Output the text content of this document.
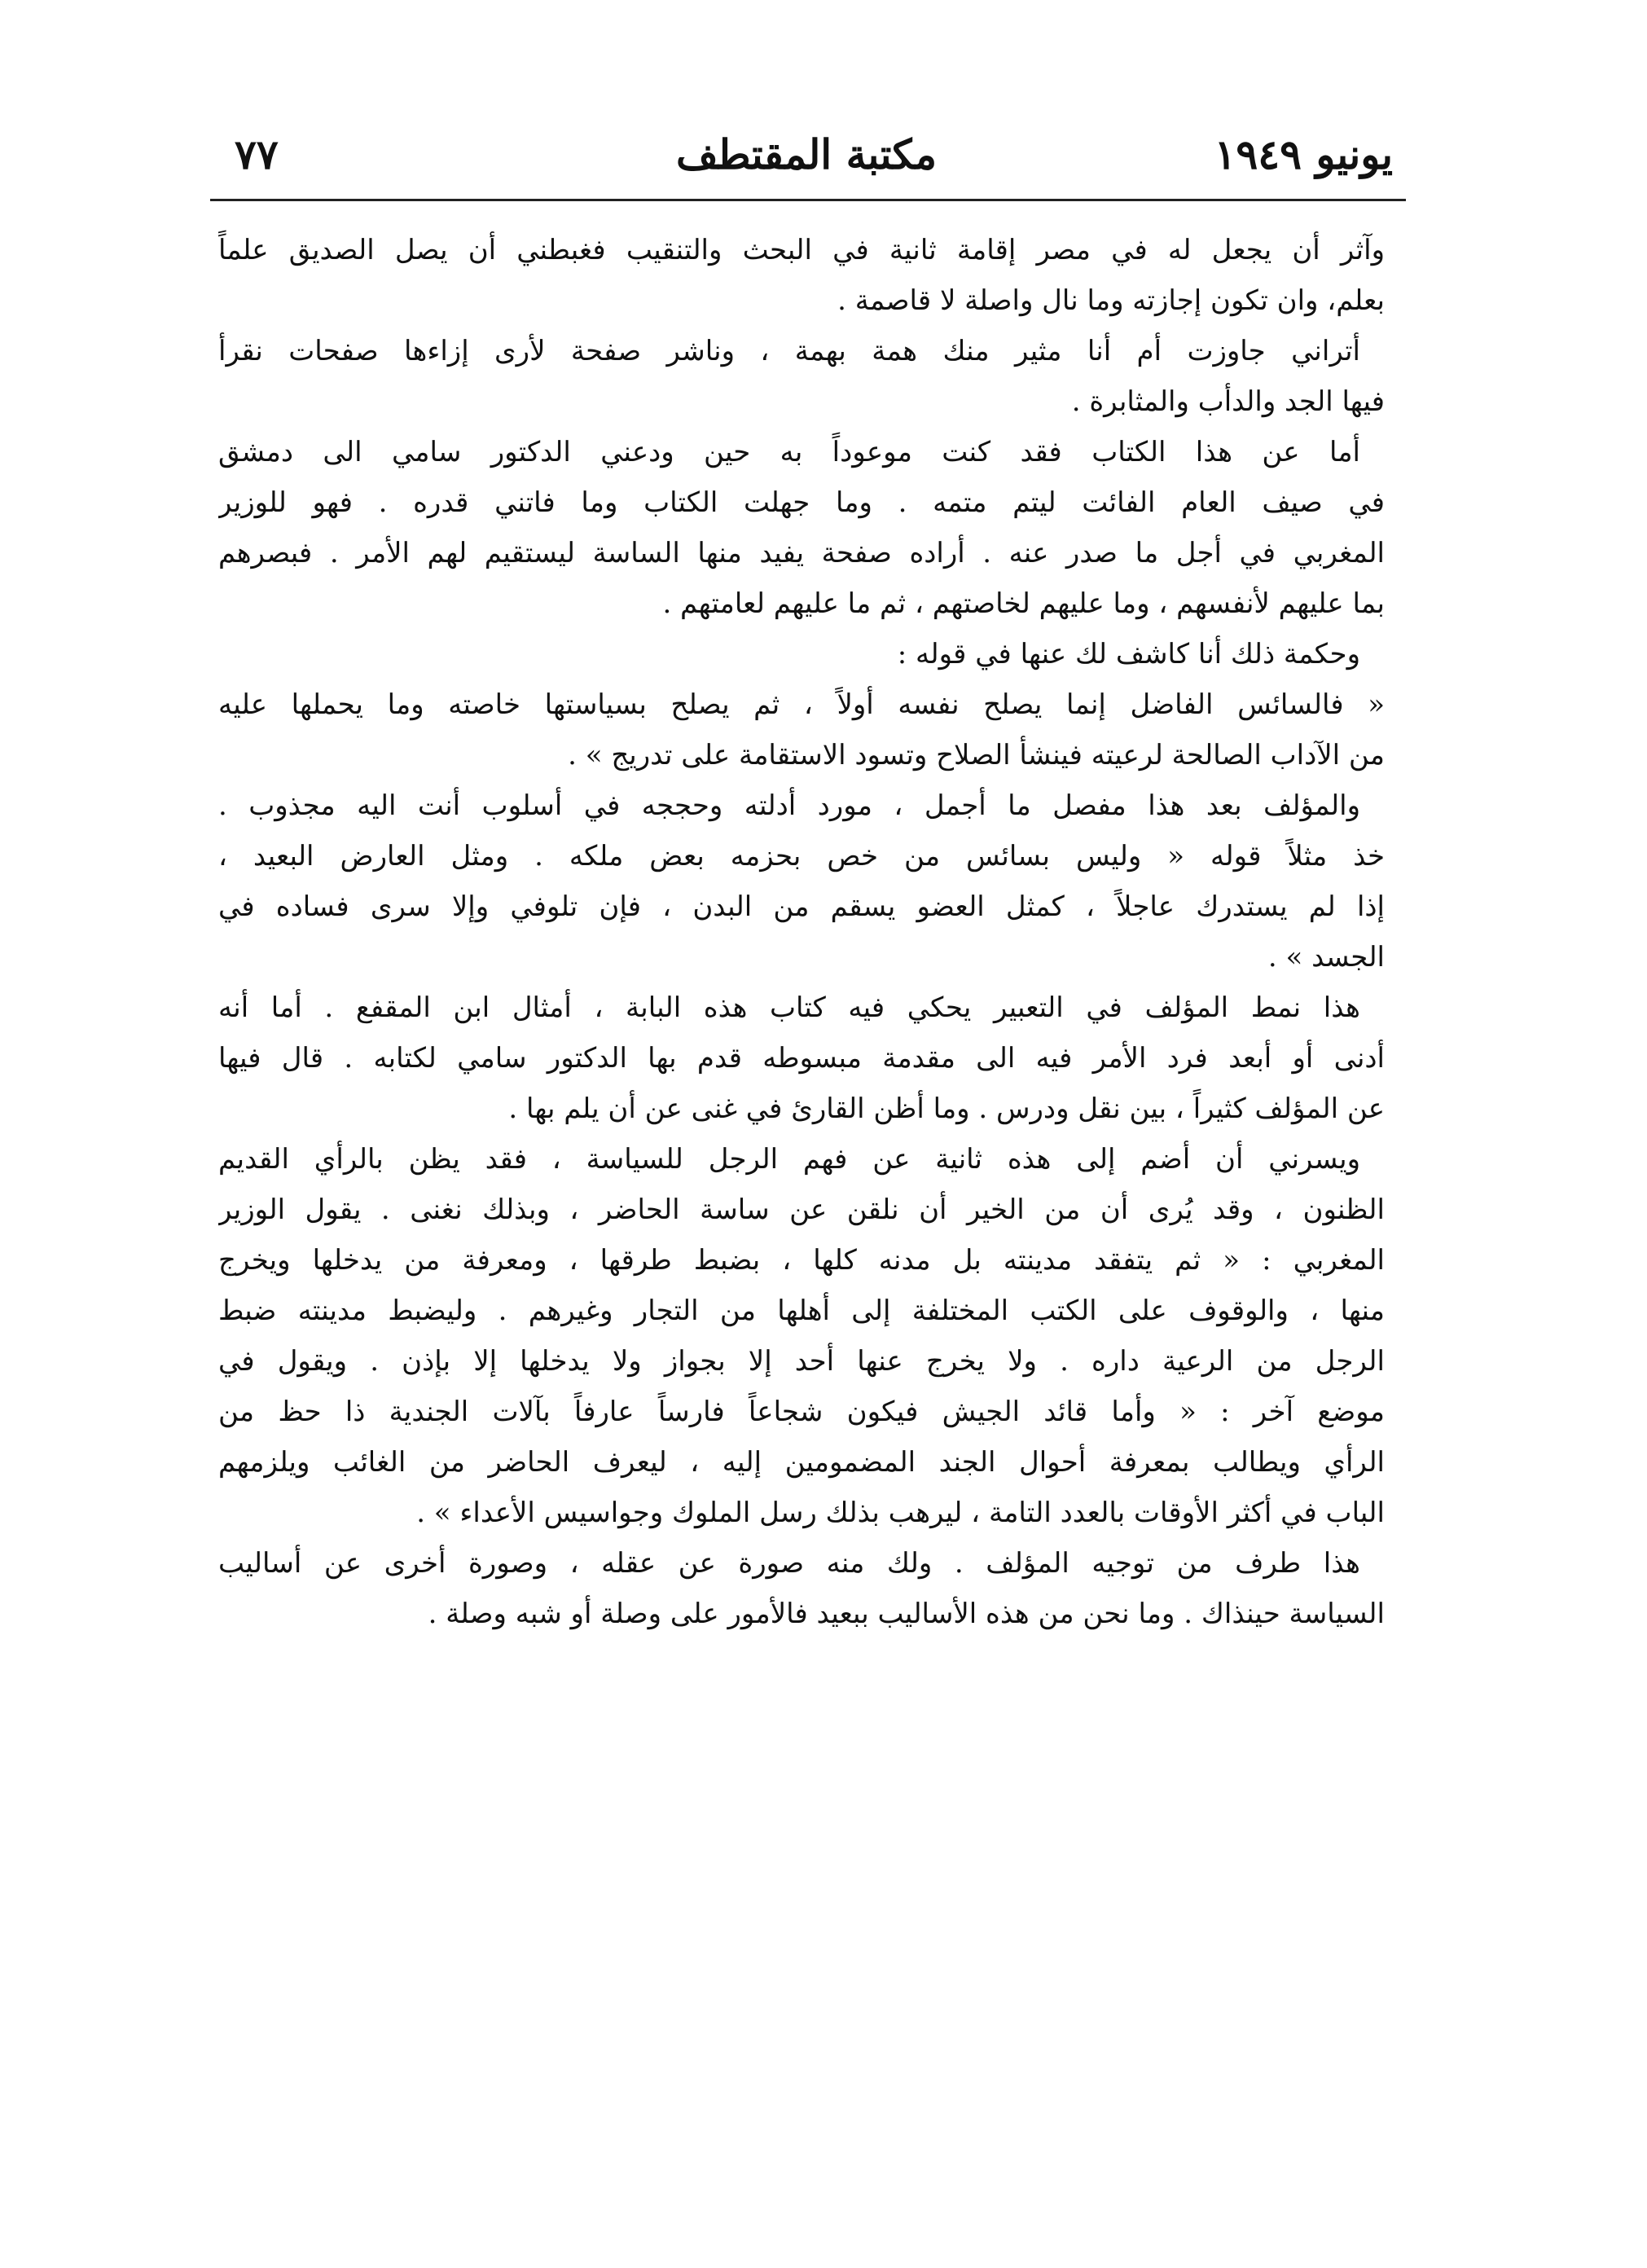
٧٧	مكتبة المقتطف	يونيو ١٩٤٩
وآثر أن يجعل له في مصر إقامة ثانية في البحث والتنقيب فغبطني أن يصل الصديق علماً
بعلم، وان تكون إجازته وما نال واصلة لا قاصمة .
أتراني جاوزت أم أنا مثير منك همة بهمة ، وناشر صفحة لأرى إزاءها صفحات نقرأ
فيها الجد والدأب والمثابرة .
أما عن هذا الكتاب فقد كنت موعوداً به حين ودعني الدكتور سامي الى دمشق
في صيف العام الفائت ليتم متمه . وما جهلت الكتاب وما فاتني قدره . فهو للوزير
المغربي في أجل ما صدر عنه . أراده صفحة يفيد منها الساسة ليستقيم لهم الأمر . فبصرهم
بما عليهم لأنفسهم ، وما عليهم لخاصتهم ، ثم ما عليهم لعامتهم .
وحكمة ذلك أنا كاشف لك عنها في قوله :
« فالسائس الفاضل إنما يصلح نفسه أولاً ، ثم يصلح بسياستها خاصته وما يحملها عليه
من الآداب الصالحة لرعيته فينشأ الصلاح وتسود الاستقامة على تدريج » .
والمؤلف بعد هذا مفصل ما أجمل ، مورد أدلته وحججه في أسلوب أنت اليه مجذوب .
خذ مثلاً قوله « وليس بسائس من خص بحزمه بعض ملكه . ومثل العارض البعيد ،
إذا لم يستدرك عاجلاً ، كمثل العضو يسقم من البدن ، فإن تلوفي وإلا سرى فساده في
الجسد » .
هذا نمط المؤلف في التعبير يحكي فيه كتاب هذه البابة ، أمثال ابن المقفع . أما أنه
أدنى أو أبعد فرد الأمر فيه الى مقدمة مبسوطه قدم بها الدكتور سامي لكتابه . قال فيها
عن المؤلف كثيراً ، بين نقل ودرس . وما أظن القارئ في غنى عن أن يلم بها .
ويسرني أن أضم إلى هذه ثانية عن فهم الرجل للسياسة ، فقد يظن بالرأي القديم
الظنون ، وقد يُرى أن من الخير أن نلقن عن ساسة الحاضر ، وبذلك نغنى . يقول الوزير
المغربي : « ثم يتفقد مدينته بل مدنه كلها ، بضبط طرقها ، ومعرفة من يدخلها ويخرج
منها ، والوقوف على الكتب المختلفة إلى أهلها من التجار وغيرهم . وليضبط مدينته ضبط
الرجل من الرعية داره . ولا يخرج عنها أحد إلا بجواز ولا يدخلها إلا بإذن . ويقول في
موضع آخر : « وأما قائد الجيش فيكون شجاعاً فارساً عارفاً بآلات الجندية ذا حظ من
الرأي ويطالب بمعرفة أحوال الجند المضمومين إليه ، ليعرف الحاضر من الغائب ويلزمهم
الباب في أكثر الأوقات بالعدد التامة ، ليرهب بذلك رسل الملوك وجواسيس الأعداء » .
هذا طرف من توجيه المؤلف . ولك منه صورة عن عقله ، وصورة أخرى عن أساليب
السياسة حينذاك . وما نحن من هذه الأساليب ببعيد فالأمور على وصلة أو شبه وصلة .
